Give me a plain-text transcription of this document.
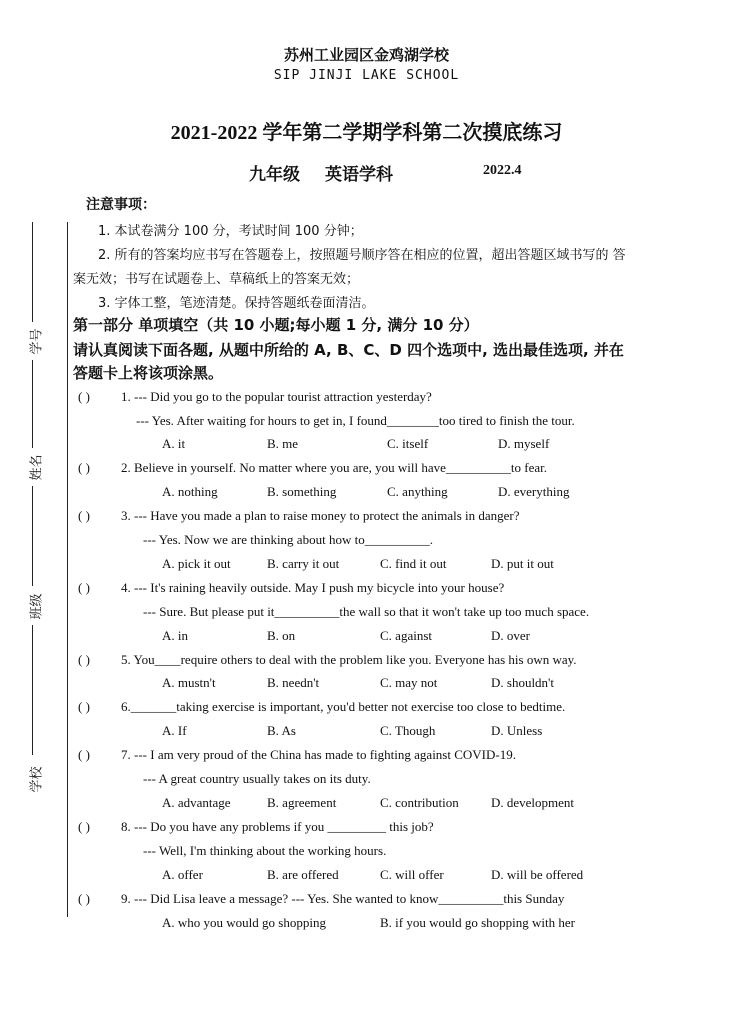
苏州工业园区金鸡湖学校
SIP JINJI LAKE SCHOOL
2021-2022 学年第二学期学科第二次摸底练习
九年级 英语学科	2022.4
注意事项：
1. 本试卷满分 100 分，考试时间 100 分钟；
2. 所有的答案均应书写在答题卷上，按照题号顺序答在相应的位置，超出答题区域书写的 答
案无效；书写在试题卷上、草稿纸上的答案无效；
3. 字体工整，笔迹清楚。保持答题纸卷面清洁。
第一部分 单项填空（共 10 小题;每小题 1 分, 满分 10 分）
请认真阅读下面各题, 从题中所给的 A, B、C、D 四个选项中, 选出最佳选项, 并在
答题卡上将该项涂黑。
学号
姓名
班级
学校
( ) 1. --- Did you go to the popular tourist attraction yesterday?
--- Yes. After waiting for hours to get in, I found________too tired to finish the tour.
A. it	B. me	C. itself	D. myself
( ) 2. Believe in yourself. No matter where you are, you will have__________to fear.
A. nothing	B. something	C. anything	D. everything
( ) 3. --- Have you made a plan to raise money to protect the animals in danger?
--- Yes. Now we are thinking about how to__________.
A. pick it out	B. carry it out	C. find it out	D. put it out
( ) 4. --- It's raining heavily outside. May I push my bicycle into your house?
--- Sure. But please put it__________the wall so that it won't take up too much space.
A. in	B. on	C. against	D. over
( ) 5. You____require others to deal with the problem like you. Everyone has his own way.
A. mustn't	B. needn't	C. may not	D. shouldn't
( ) 6._______taking exercise is important, you'd better not exercise too close to bedtime.
A. If	B. As	C. Though	D. Unless
( ) 7. --- I am very proud of the China has made to fighting against COVID-19.
--- A great country usually takes on its duty.
A. advantage	B. agreement	C. contribution D. development
( ) 8. --- Do you have any problems if you _________ this job?
--- Well, I'm thinking about the working hours.
A. offer	B. are offered	C. will offer	D. will be offered
( ) 9. --- Did Lisa leave a message? --- Yes. She wanted to know__________this Sunday
A. who you would go shopping	B. if you would go shopping with her
